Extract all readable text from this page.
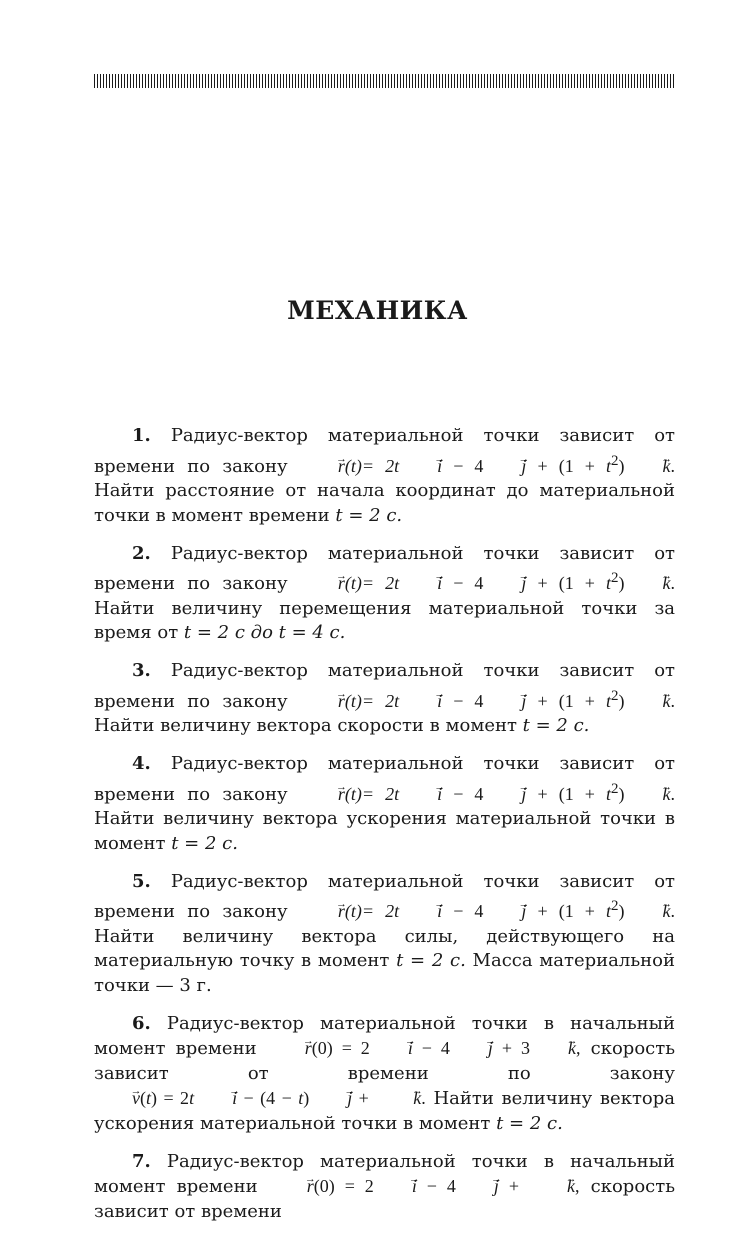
МЕХАНИКА

1. Радиус-вектор материальной точки зависит от времени по закону	→ $r(t)= 2t \to i - 4 \to j + (1 + t^2) \to k$. Найти расстояние от начала координат до материальной точки в момент времени t = 2 с.

2. Радиус-вектор материальной точки зависит от времени по закону	→ $r(t)= 2t \to i - 4 \to j + (1 + t^2) \to k$. Найти величину перемещения материальной точки за время от t = 2 с до t = 4 с.

3. Радиус-вектор материальной точки зависит от времени по закону	→ $r(t)= 2t \to i - 4 \to j + (1 + t^2) \to k$. Найти величину вектора скорости в момент t = 2 с.

4. Радиус-вектор материальной точки зависит от времени по закону	→ $r(t)= 2t \to i - 4 \to j + (1 + t^2) \to k$. Найти величину вектора ускорения материальной точки в момент t = 2 с.

5. Радиус-вектор материальной точки зависит от времени по закону	→ $r(t)= 2t \to i - 4 \to j + (1 + t^2) \to k$. Найти величину вектора силы, действующего на материальную точку в момент t = 2 с. Масса материальной точки — 3 г.

6. Радиус-вектор материальной точки в начальный момент времени	→ r(0) = 2 → i − 4 → j + 3 → k, скорость зависит от времени по закону → v(t) = 2t → i − (4 − t) → j + → k. Найти величину вектора ускорения материальной точки в момент t = 2 с.

7. Радиус-вектор материальной точки в начальный момент времени	→ r(0) = 2 → i − 4 → j + → k, скорость зависит от времени
